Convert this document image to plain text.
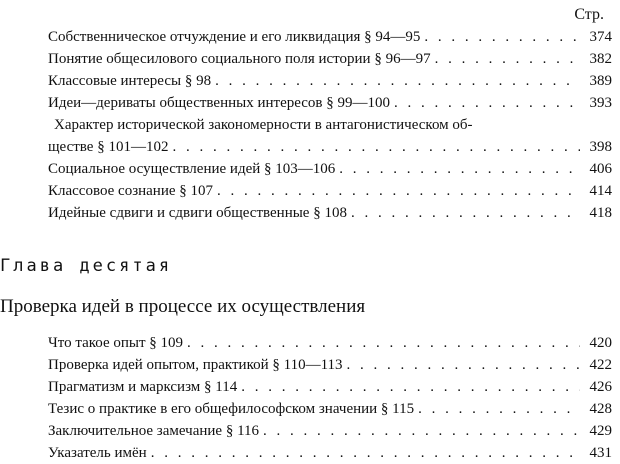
Стр.
Собственническое отчуждение и его ликвидация § 94—95 . . .	374
Понятие общесилового социального поля истории § 96—97 . . .	382
Классовые интересы § 98 . . .	389
Идеи—дериваты общественных интересов § 99—100 . . .	393
Характер исторической закономерности в антагонистическом об-
ществе § 101—102 . . .	398
Социальное осуществление идей § 103—106 . . .	406
Классовое сознание § 107 . . .	414
Идейные сдвиги и сдвиги общественные § 108 . . .	418
Глава десятая
Проверка идей в процессе их осуществления
Что такое опыт § 109 . . .	420
Проверка идей опытом, практикой § 110—113 . . .	422
Прагматизм и марксизм § 114 . . .	426
Тезис о практике в его общефилософском значении § 115 . . .	428
Заключительное замечание § 116 . . .	429
Указатель имён . . .	431
